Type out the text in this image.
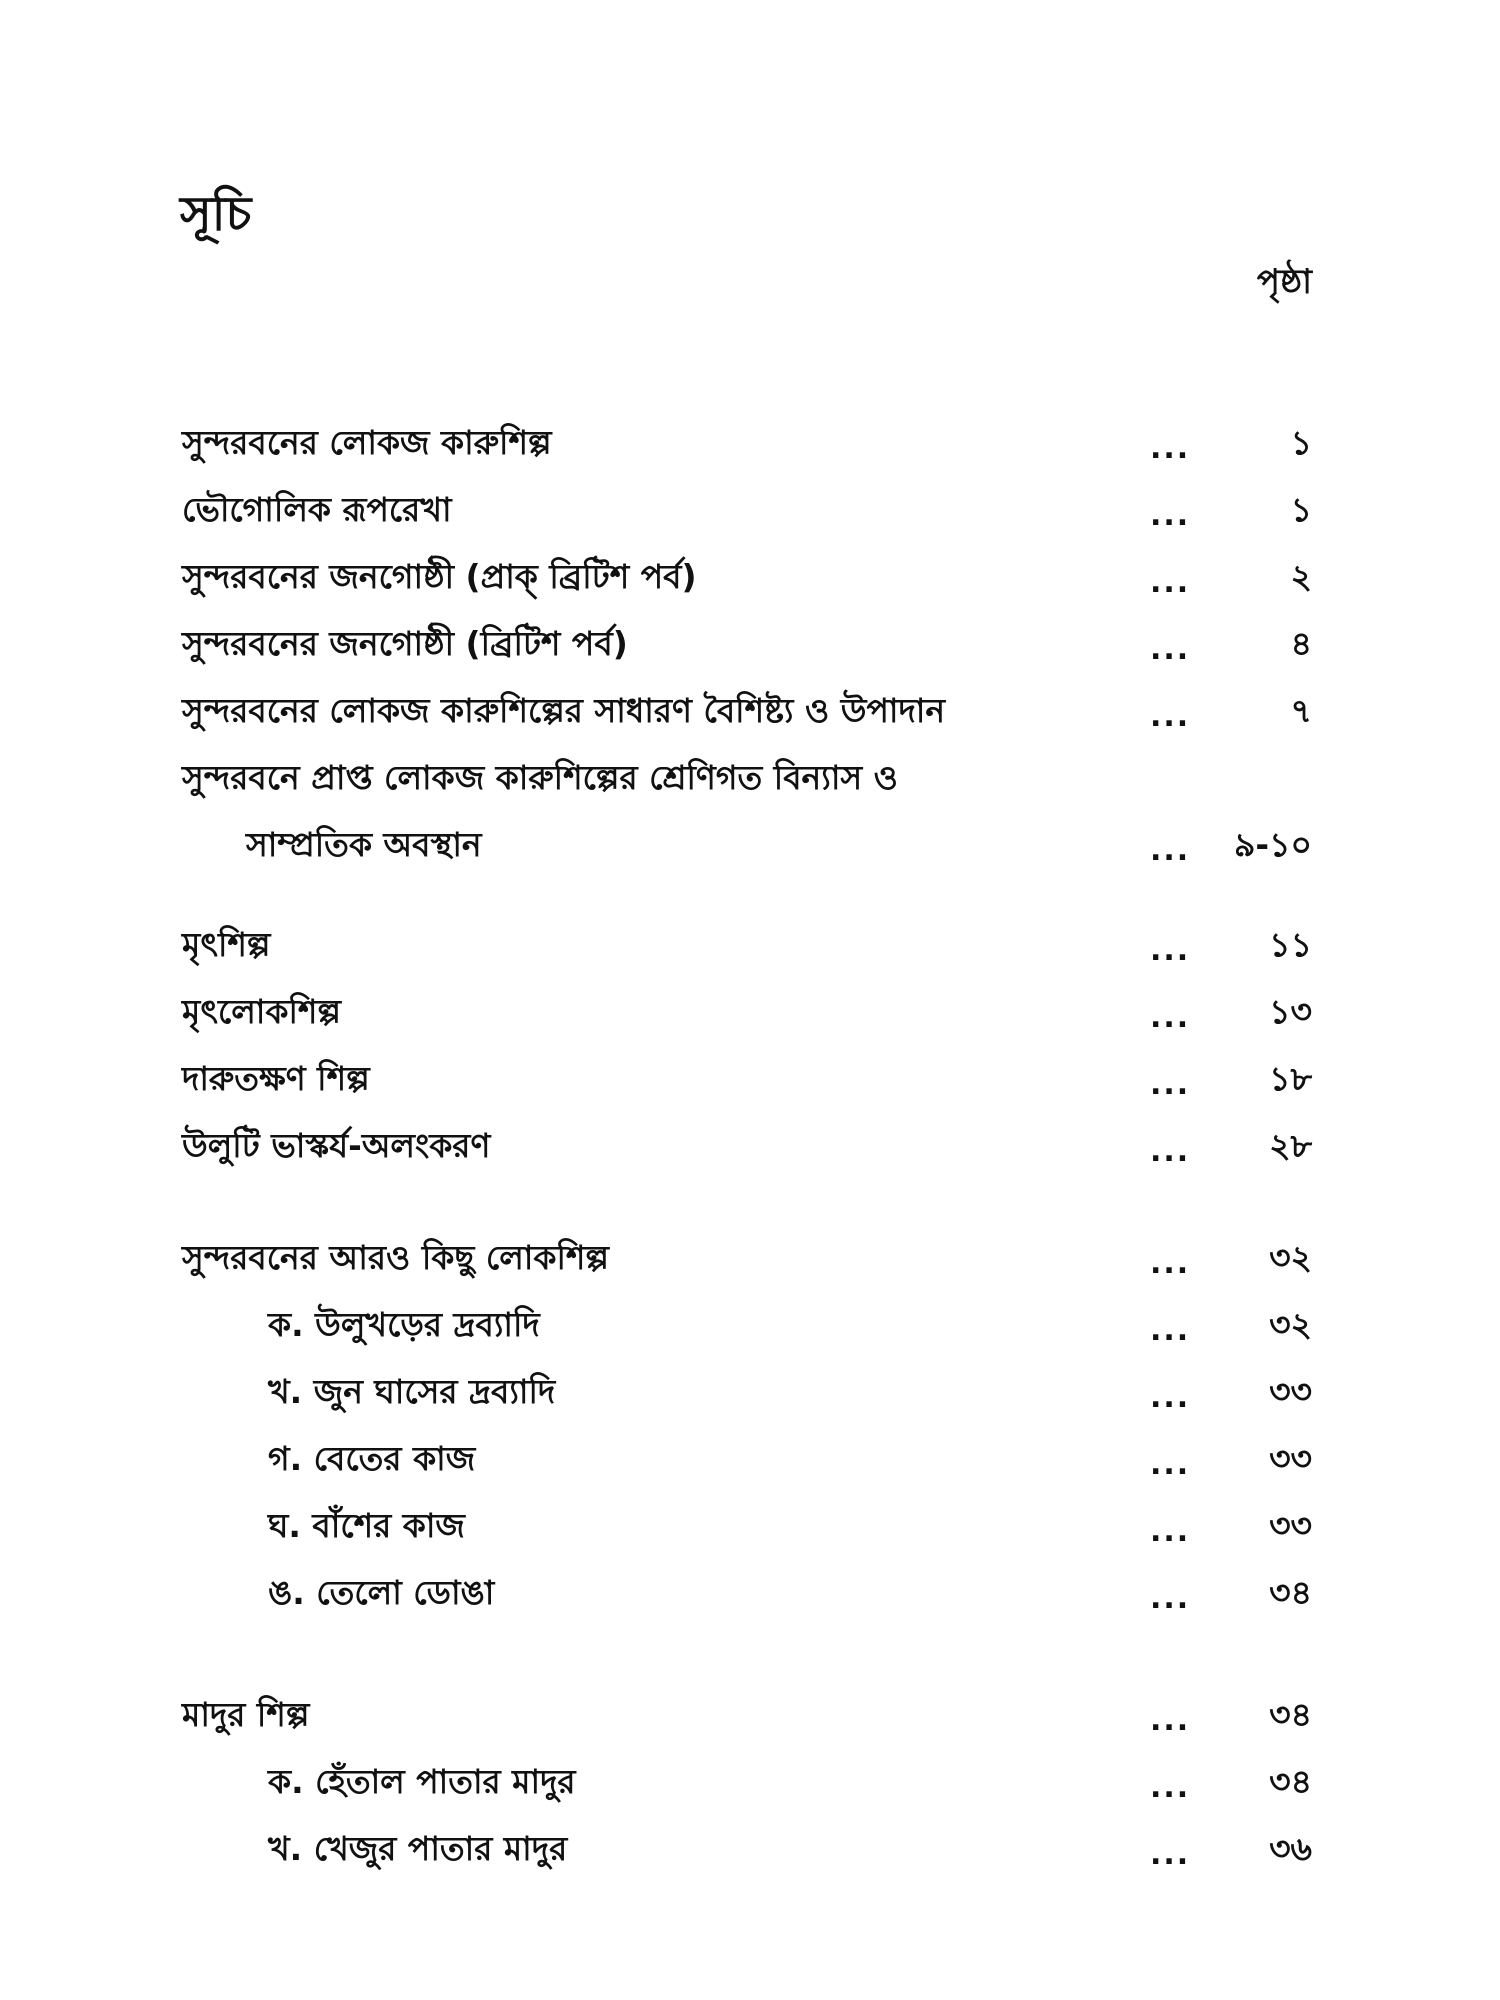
সূচি
পৃষ্ঠা
সুন্দরবনের লোকজ কারুশিল্প	...	১
ভৌগোলিক রূপরেখা	...	১
সুন্দরবনের জনগোষ্ঠী (প্রাক্ ব্রিটিশ পর্ব)	...	২
সুন্দরবনের জনগোষ্ঠী (ব্রিটিশ পর্ব)	...	৪
সুন্দরবনের লোকজ কারুশিল্পের সাধারণ বৈশিষ্ট্য ও উপাদান	...	৭
সুন্দরবনে প্রাপ্ত লোকজ কারুশিল্পের শ্রেণিগত বিন্যাস ও
সাম্প্রতিক অবস্থান	... ৯-১০
মৃৎশিল্প	... ১১
মৃৎলোকশিল্প	... ১৩
দারুতক্ষণ শিল্প	... ১৮
উলুটি ভাস্কর্য-অলংকরণ	... ২৮
সুন্দরবনের আরও কিছু লোকশিল্প	... ৩২
ক. উলুখড়ের দ্রব্যাদি	... ৩২
খ. জুন ঘাসের দ্রব্যাদি	... ৩৩
গ. বেতের কাজ	... ৩৩
ঘ. বাঁশের কাজ	... ৩৩
ঙ. তেলো ডোঙা	... ৩৪
মাদুর শিল্প	... ৩৪
ক. হেঁতাল পাতার মাদুর	... ৩৪
খ. খেজুর পাতার মাদুর	... ৩৬
